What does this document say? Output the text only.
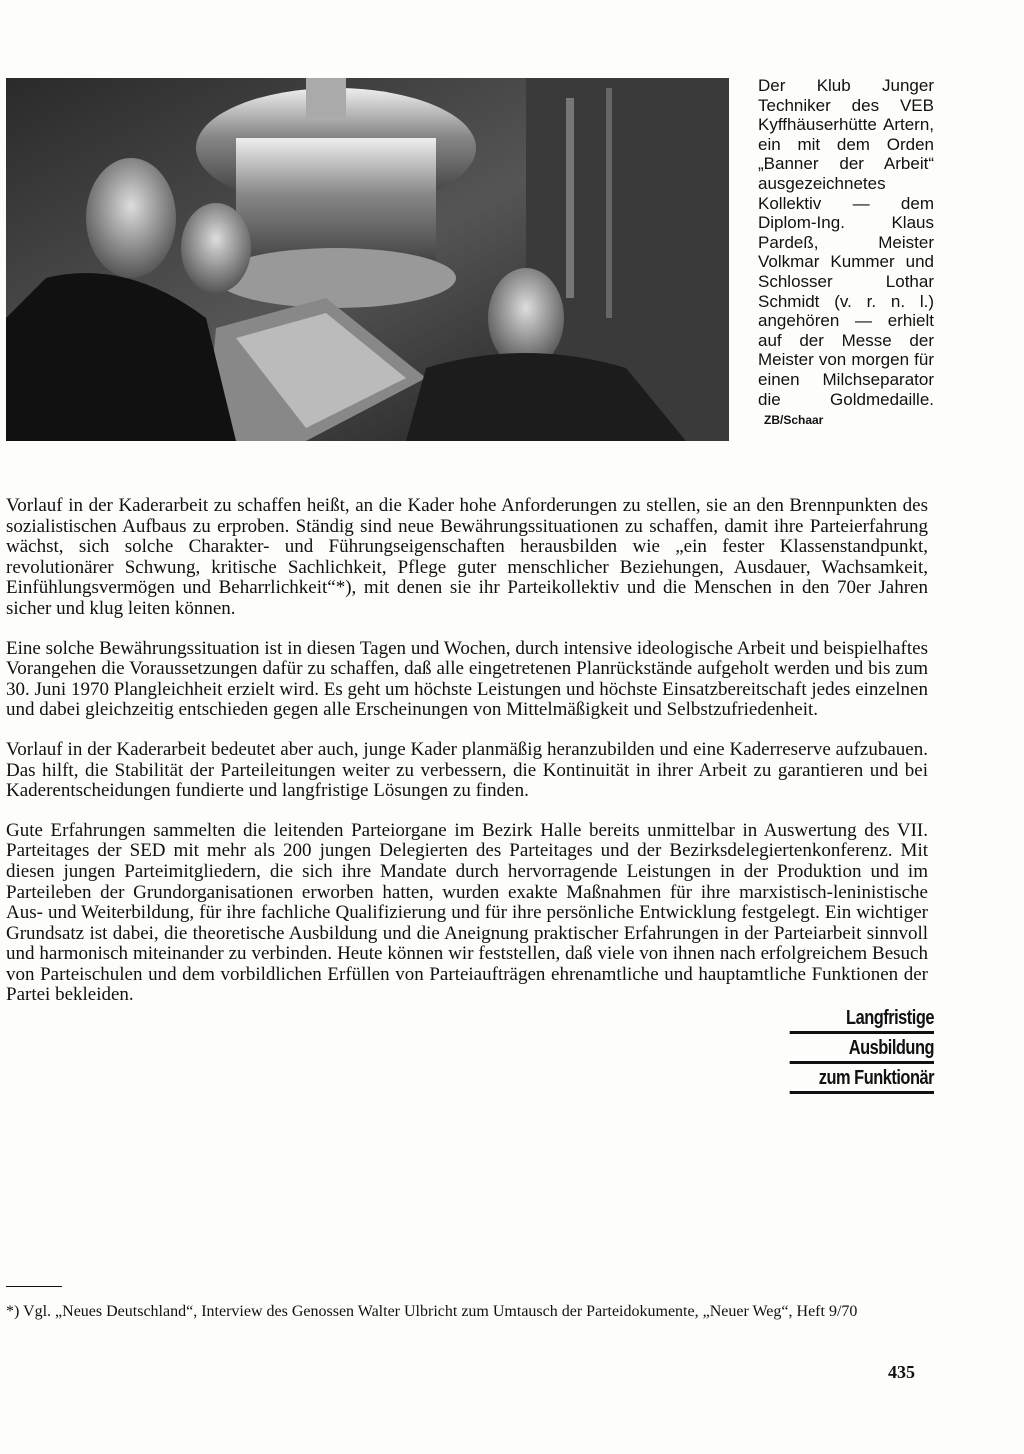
Der Klub Junger Techniker des VEB Kyffhäuserhütte Artern, ein mit dem Orden „Banner der Arbeit“ ausgezeichnetes Kollektiv — dem Diplom-Ing. Klaus Pardeß, Meister Volkmar Kummer und Schlosser Lothar Schmidt (v. r. n. l.) angehören — erhielt auf der Messe der Meister von morgen für einen Milchseparator die Goldmedaille. ZB/Schaar

Vorlauf in der Kaderarbeit zu schaffen heißt, an die Kader hohe Anforderungen zu stellen, sie an den Brennpunkten des sozialistischen Aufbaus zu erproben. Ständig sind neue Bewährungssituationen zu schaffen, damit ihre Parteierfahrung wächst, sich solche Charakter- und Führungseigenschaften herausbilden wie „ein fester Klassenstandpunkt, revolutionärer Schwung, kritische Sachlichkeit, Pflege guter menschlicher Beziehungen, Ausdauer, Wachsamkeit, Einfühlungsvermögen und Beharrlichkeit“*), mit denen sie ihr Parteikollektiv und die Menschen in den 70er Jahren sicher und klug leiten können.

Eine solche Bewährungssituation ist in diesen Tagen und Wochen, durch intensive ideologische Arbeit und beispielhaftes Vorangehen die Voraussetzungen dafür zu schaffen, daß alle eingetretenen Planrückstände aufgeholt werden und bis zum 30. Juni 1970 Plangleichheit erzielt wird. Es geht um höchste Leistungen und höchste Einsatzbereitschaft jedes einzelnen und dabei gleichzeitig entschieden gegen alle Erscheinungen von Mittelmäßigkeit und Selbstzufriedenheit.

Vorlauf in der Kaderarbeit bedeutet aber auch, junge Kader planmäßig heranzubilden und eine Kaderreserve aufzubauen. Das hilft, die Stabilität der Parteileitungen weiter zu verbessern, die Kontinuität in ihrer Arbeit zu garantieren und bei Kaderentscheidungen fundierte und langfristige Lösungen zu finden.

Gute Erfahrungen sammelten die leitenden Parteiorgane im Bezirk Halle bereits unmittelbar in Auswertung des VII. Parteitages der SED mit mehr als 200 jungen Delegierten des Parteitages und der Bezirksdelegiertenkonferenz. Mit diesen jungen Parteimitgliedern, die sich ihre Mandate durch hervorragende Leistungen in der Produktion und im Parteileben der Grundorganisationen erworben hatten, wurden exakte Maßnahmen für ihre marxistisch-leninistische Aus- und Weiterbildung, für ihre fachliche Qualifizierung und für ihre persönliche Entwicklung festgelegt. Ein wichtiger Grundsatz ist dabei, die theoretische Ausbildung und die Aneignung praktischer Erfahrungen in der Parteiarbeit sinnvoll und harmonisch miteinander zu verbinden. Heute können wir feststellen, daß viele von ihnen nach erfolgreichem Besuch von Parteischulen und dem vorbildlichen Erfüllen von Parteiaufträgen ehrenamtliche und hauptamtliche Funktionen der Partei bekleiden.

Langfristige
Ausbildung
zum Funktionär
*) Vgl. „Neues Deutschland“, Interview des Genossen Walter Ulbricht zum Umtausch der Parteidokumente, „Neuer Weg“, Heft 9/70
435
